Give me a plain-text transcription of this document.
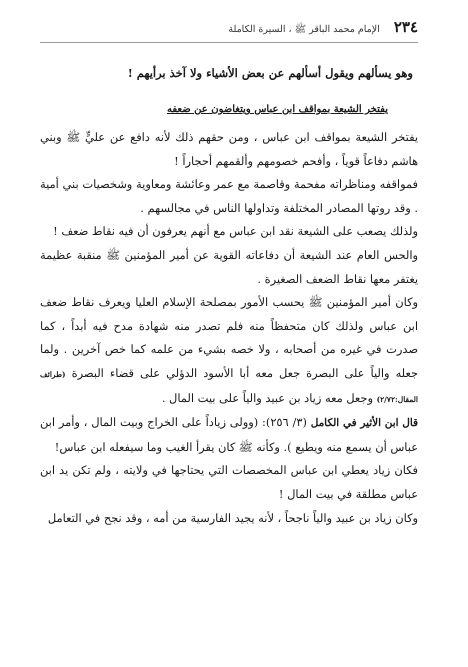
٢٣٤
الإمام محمد الباقر ﷺ ، السيرة الكاملة
وهو يسألهم ويقول أسألهم عن بعض الأشياء ولا آخذ برأيهم !
يفتخر الشيعة بمواقف ابن عباس ويتغاضون عن ضعفه

يفتخر الشيعة بمواقف ابن عباس ، ومن حقهم ذلك لأنه دافع عن عليٍّ ﷺ وبني هاشم دفاعاً قوياً ، وأفحم خصومهم وألقمهم أحجاراً !

فمواقفه ومناظراته مفحمة وقاصمة مع عمر وعائشة ومعاوية وشخصيات بني أمية . وقد روتها المصادر المختلفة وتداولها الناس في مجالسهم .

ولذلك يصعب على الشيعة نقد ابن عباس مع أنهم يعرفون أن فيه نقاط ضعف !

والحس العام عند الشيعة أن دفاعاته القوية عن أمير المؤمنين ﷺ منقبة عظيمة يغتفر معها نقاط الضعف الصغيرة .

وكان أمير المؤمنين ﷺ يحسب الأمور بمصلحة الإسلام العليا ويعرف نقاط ضعف ابن عباس ولذلك كان متحفظاً منه فلم تصدر منه شهادة مدح فيه أبداً ، كما صدرت في غيره من أصحابه ، ولا خصه بشيء من علمه كما خص آخرين . ولما جعله والياً على البصرة جعل معه أبا الأسود الدؤلي على قضاء البصرة (طرائف المقال:٢/٧٢) وجعل معه زياد بن عبيد والياً على بيت المال .

قال ابن الأثير في الكامل (٣/ ٢٥٦): (وولى زياداً على الخراج وبيت المال ، وأمر ابن عباس أن يسمع منه ويطيع ). وكأنه ﷺ كان يقرأ الغيب وما سيفعله ابن عباس!

فكان زياد يعطي ابن عباس المخصصات التي يحتاجها في ولايته ، ولم تكن يد ابن عباس مطلقة في بيت المال !

وكان زياد بن عبيد والياً ناجحاً ، لأنه يجيد الفارسية من أمه ، وقد نجح في التعامل
